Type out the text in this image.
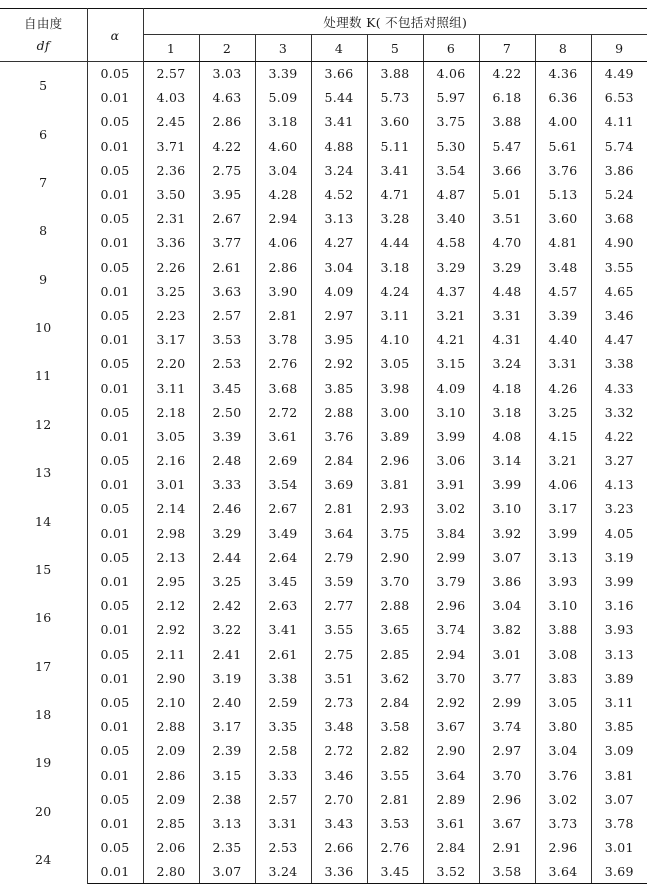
自由度
df	α	处理数 K( 不包括对照组)								
		1	2	3	4	5	6	7	8	9
5	0.05	2.57	3.03	3.39	3.66	3.88	4.06	4.22	4.36	4.49
	0.01	4.03	4.63	5.09	5.44	5.73	5.97	6.18	6.36	6.53
6	0.05	2.45	2.86	3.18	3.41	3.60	3.75	3.88	4.00	4.11
	0.01	3.71	4.22	4.60	4.88	5.11	5.30	5.47	5.61	5.74
7	0.05	2.36	2.75	3.04	3.24	3.41	3.54	3.66	3.76	3.86
	0.01	3.50	3.95	4.28	4.52	4.71	4.87	5.01	5.13	5.24
8	0.05	2.31	2.67	2.94	3.13	3.28	3.40	3.51	3.60	3.68
	0.01	3.36	3.77	4.06	4.27	4.44	4.58	4.70	4.81	4.90
9	0.05	2.26	2.61	2.86	3.04	3.18	3.29	3.29	3.48	3.55
	0.01	3.25	3.63	3.90	4.09	4.24	4.37	4.48	4.57	4.65
10	0.05	2.23	2.57	2.81	2.97	3.11	3.21	3.31	3.39	3.46
	0.01	3.17	3.53	3.78	3.95	4.10	4.21	4.31	4.40	4.47
11	0.05	2.20	2.53	2.76	2.92	3.05	3.15	3.24	3.31	3.38
	0.01	3.11	3.45	3.68	3.85	3.98	4.09	4.18	4.26	4.33
12	0.05	2.18	2.50	2.72	2.88	3.00	3.10	3.18	3.25	3.32
	0.01	3.05	3.39	3.61	3.76	3.89	3.99	4.08	4.15	4.22
13	0.05	2.16	2.48	2.69	2.84	2.96	3.06	3.14	3.21	3.27
	0.01	3.01	3.33	3.54	3.69	3.81	3.91	3.99	4.06	4.13
14	0.05	2.14	2.46	2.67	2.81	2.93	3.02	3.10	3.17	3.23
	0.01	2.98	3.29	3.49	3.64	3.75	3.84	3.92	3.99	4.05
15	0.05	2.13	2.44	2.64	2.79	2.90	2.99	3.07	3.13	3.19
	0.01	2.95	3.25	3.45	3.59	3.70	3.79	3.86	3.93	3.99
16	0.05	2.12	2.42	2.63	2.77	2.88	2.96	3.04	3.10	3.16
	0.01	2.92	3.22	3.41	3.55	3.65	3.74	3.82	3.88	3.93
17	0.05	2.11	2.41	2.61	2.75	2.85	2.94	3.01	3.08	3.13
	0.01	2.90	3.19	3.38	3.51	3.62	3.70	3.77	3.83	3.89
18	0.05	2.10	2.40	2.59	2.73	2.84	2.92	2.99	3.05	3.11
	0.01	2.88	3.17	3.35	3.48	3.58	3.67	3.74	3.80	3.85
19	0.05	2.09	2.39	2.58	2.72	2.82	2.90	2.97	3.04	3.09
	0.01	2.86	3.15	3.33	3.46	3.55	3.64	3.70	3.76	3.81
20	0.05	2.09	2.38	2.57	2.70	2.81	2.89	2.96	3.02	3.07
	0.01	2.85	3.13	3.31	3.43	3.53	3.61	3.67	3.73	3.78
24	0.05	2.06	2.35	2.53	2.66	2.76	2.84	2.91	2.96	3.01
	0.01	2.80	3.07	3.24	3.36	3.45	3.52	3.58	3.64	3.69
